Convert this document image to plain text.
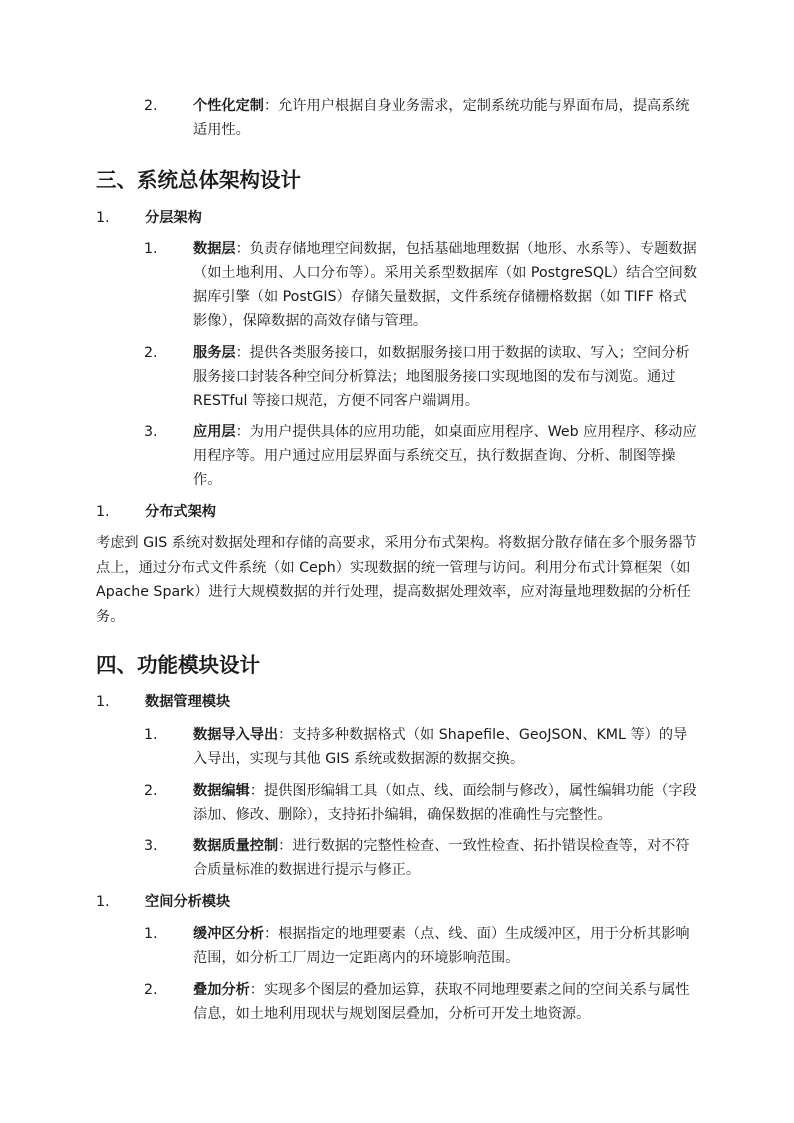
2.	个性化定制：允许用户根据自身业务需求，定制系统功能与界面布局，提高系统适用性。
三、系统总体架构设计
1. 分层架构
1.	数据层：负责存储地理空间数据，包括基础地理数据（地形、水系等）、专题数据（如土地利用、人口分布等）。采用关系型数据库（如 PostgreSQL）结合空间数据库引擎（如 PostGIS）存储矢量数据，文件系统存储栅格数据（如 TIFF 格式影像），保障数据的高效存储与管理。
2.	服务层：提供各类服务接口，如数据服务接口用于数据的读取、写入；空间分析服务接口封装各种空间分析算法；地图服务接口实现地图的发布与浏览。通过 RESTful 等接口规范，方便不同客户端调用。
3.	应用层：为用户提供具体的应用功能，如桌面应用程序、Web 应用程序、移动应用程序等。用户通过应用层界面与系统交互，执行数据查询、分析、制图等操作。
1. 分布式架构

考虑到 GIS 系统对数据处理和存储的高要求，采用分布式架构。将数据分散存储在多个服务器节点上，通过分布式文件系统（如 Ceph）实现数据的统一管理与访问。利用分布式计算框架（如 Apache Spark）进行大规模数据的并行处理，提高数据处理效率，应对海量地理数据的分析任务。

四、功能模块设计
1. 数据管理模块
1.	数据导入导出：支持多种数据格式（如 Shapefile、GeoJSON、KML 等）的导入导出，实现与其他 GIS 系统或数据源的数据交换。
2.	数据编辑：提供图形编辑工具（如点、线、面绘制与修改），属性编辑功能（字段添加、修改、删除），支持拓扑编辑，确保数据的准确性与完整性。
3.	数据质量控制：进行数据的完整性检查、一致性检查、拓扑错误检查等，对不符合质量标准的数据进行提示与修正。
1. 空间分析模块
1.	缓冲区分析：根据指定的地理要素（点、线、面）生成缓冲区，用于分析其影响范围，如分析工厂周边一定距离内的环境影响范围。
2.	叠加分析：实现多个图层的叠加运算，获取不同地理要素之间的空间关系与属性信息，如土地利用现状与规划图层叠加，分析可开发土地资源。
